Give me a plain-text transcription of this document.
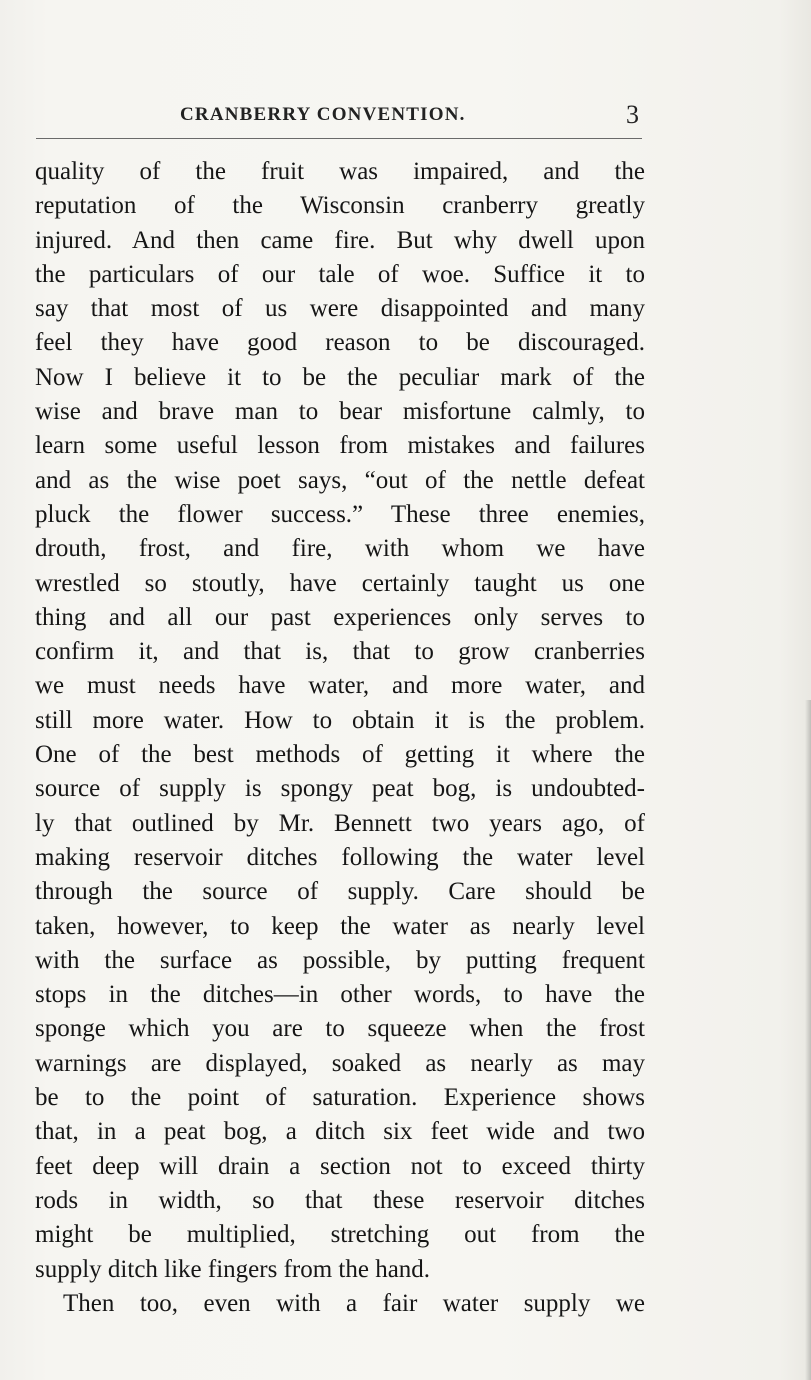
CRANBERRY CONVENTION.	3
quality of the fruit was impaired, and the
reputation of the Wisconsin cranberry greatly
injured. And then came fire. But why dwell upon
the particulars of our tale of woe. Suffice it to
say that most of us were disappointed and many
feel they have good reason to be discouraged.
Now I believe it to be the peculiar mark of the
wise and brave man to bear misfortune calmly, to
learn some useful lesson from mistakes and failures
and as the wise poet says, “out of the nettle defeat
pluck the flower success.” These three enemies,
drouth, frost, and fire, with whom we have
wrestled so stoutly, have certainly taught us one
thing and all our past experiences only serves to
confirm it, and that is, that to grow cranberries
we must needs have water, and more water, and
still more water. How to obtain it is the problem.
One of the best methods of getting it where the
source of supply is spongy peat bog, is undoubted-
ly that outlined by Mr. Bennett two years ago, of
making reservoir ditches following the water level
through the source of supply. Care should be
taken, however, to keep the water as nearly level
with the surface as possible, by putting frequent
stops in the ditches—in other words, to have the
sponge which you are to squeeze when the frost
warnings are displayed, soaked as nearly as may
be to the point of saturation. Experience shows
that, in a peat bog, a ditch six feet wide and two
feet deep will drain a section not to exceed thirty
rods in width, so that these reservoir ditches
might be multiplied, stretching out from the
supply ditch like fingers from the hand.
Then too, even with a fair water supply we
